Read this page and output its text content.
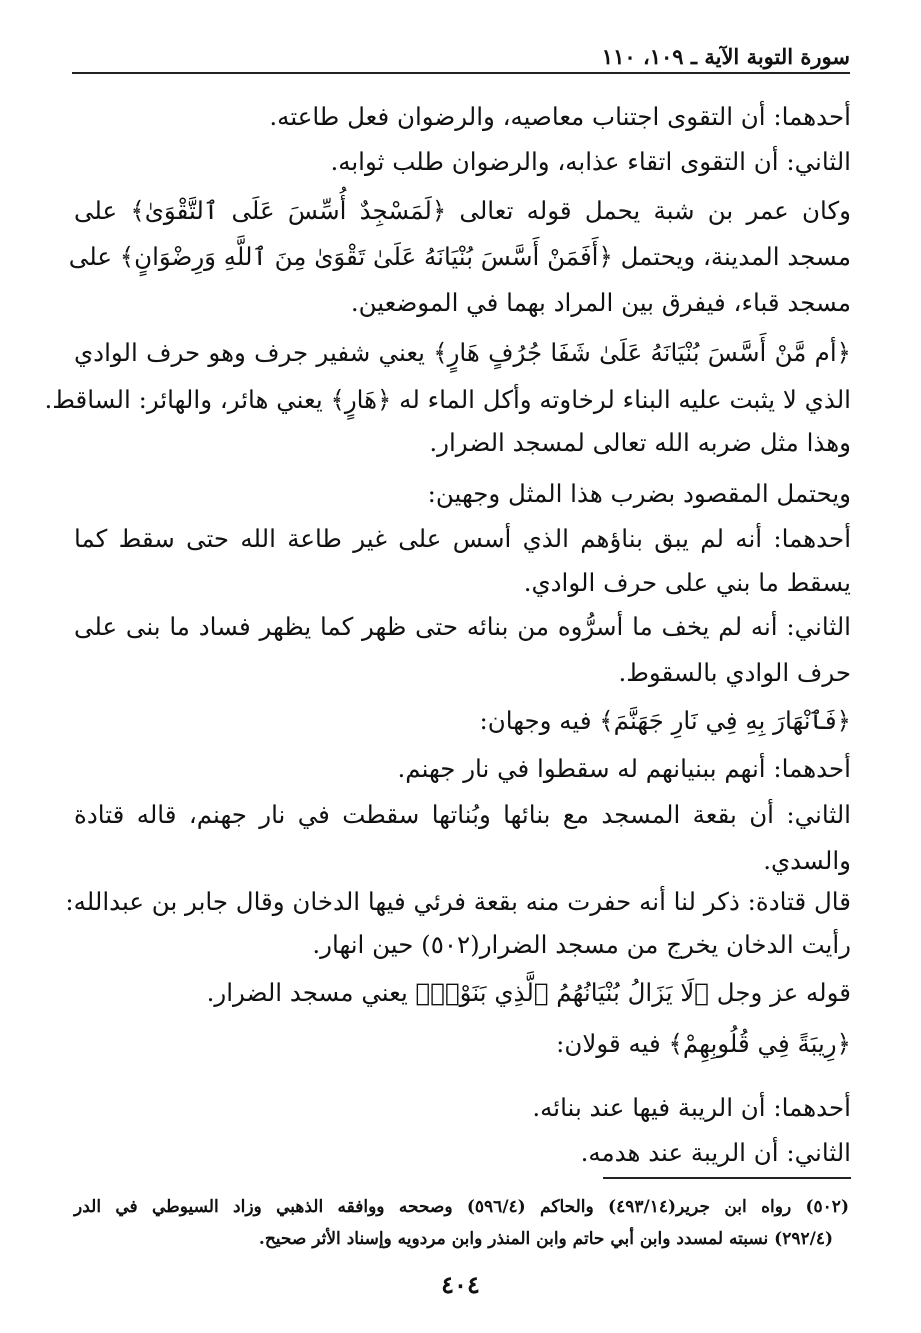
سورة التوبة الآية ـ ١٠٩، ١١٠
أحدهما: أن التقوى اجتناب معاصيه، والرضوان فعل طاعته.
الثاني: أن التقوى اتقاء عذابه، والرضوان طلب ثوابه.
وكان عمر بن شبة يحمل قوله تعالى ﴿لَمَسْجِدٌ أُسِّسَ عَلَى ٱلتَّقْوَىٰ﴾ على
مسجد المدينة، ويحتمل ﴿أَفَمَنْ أَسَّسَ بُنْيَانَهُ عَلَىٰ تَقْوَىٰ مِنَ ٱللَّهِ وَرِضْوَانٍ﴾ على
مسجد قباء، فيفرق بين المراد بهما في الموضعين.
﴿أم مَّنْ أَسَّسَ بُنْيَانَهُ عَلَىٰ شَفَا جُرُفٍ هَارٍ﴾ يعني شفير جرف وهو حرف الوادي
الذي لا يثبت عليه البناء لرخاوته وأكل الماء له ﴿هَارٍ﴾ يعني هائر، والهائر: الساقط.
وهذا مثل ضربه الله تعالى لمسجد الضرار.
ويحتمل المقصود بضرب هذا المثل وجهين:
أحدهما: أنه لم يبق بناؤهم الذي أسس على غير طاعة الله حتى سقط كما
يسقط ما بني على حرف الوادي.
الثاني: أنه لم يخف ما أسرُّوه من بنائه حتى ظهر كما يظهر فساد ما بنى على
حرف الوادي بالسقوط.
﴿فَٱنْهَارَ بِهِ فِي نَارِ جَهَنَّمَ﴾ فيه وجهان:
أحدهما: أنهم ببنيانهم له سقطوا في نار جهنم.
الثاني: أن بقعة المسجد مع بنائها وبُناتها سقطت في نار جهنم، قاله قتادة
والسدي.
قال قتادة: ذكر لنا أنه حفرت منه بقعة فرئي فيها الدخان وقال جابر بن عبدالله:
رأيت الدخان يخرج من مسجد الضرار(٥٠٢) حين انهار.
قوله عز وجل ﴿لَا يَزَالُ بُنْيَانُهُمُ ٱلَّذِي بَنَوْا۟﴾ يعني مسجد الضرار.
﴿رِيبَةً فِي قُلُوبِهِمْ﴾ فيه قولان:
أحدهما: أن الريبة فيها عند بنائه.
الثاني: أن الريبة عند هدمه.
(٥٠٢) رواه ابن جرير(٤٩٣/١٤) والحاكم (٥٩٦/٤) وصححه ووافقه الذهبي وزاد السيوطي في الدر
(٢٩٢/٤) نسبته لمسدد وابن أبي حاتم وابن المنذر وابن مردويه وإسناد الأثر صحيح.
٤٠٤
